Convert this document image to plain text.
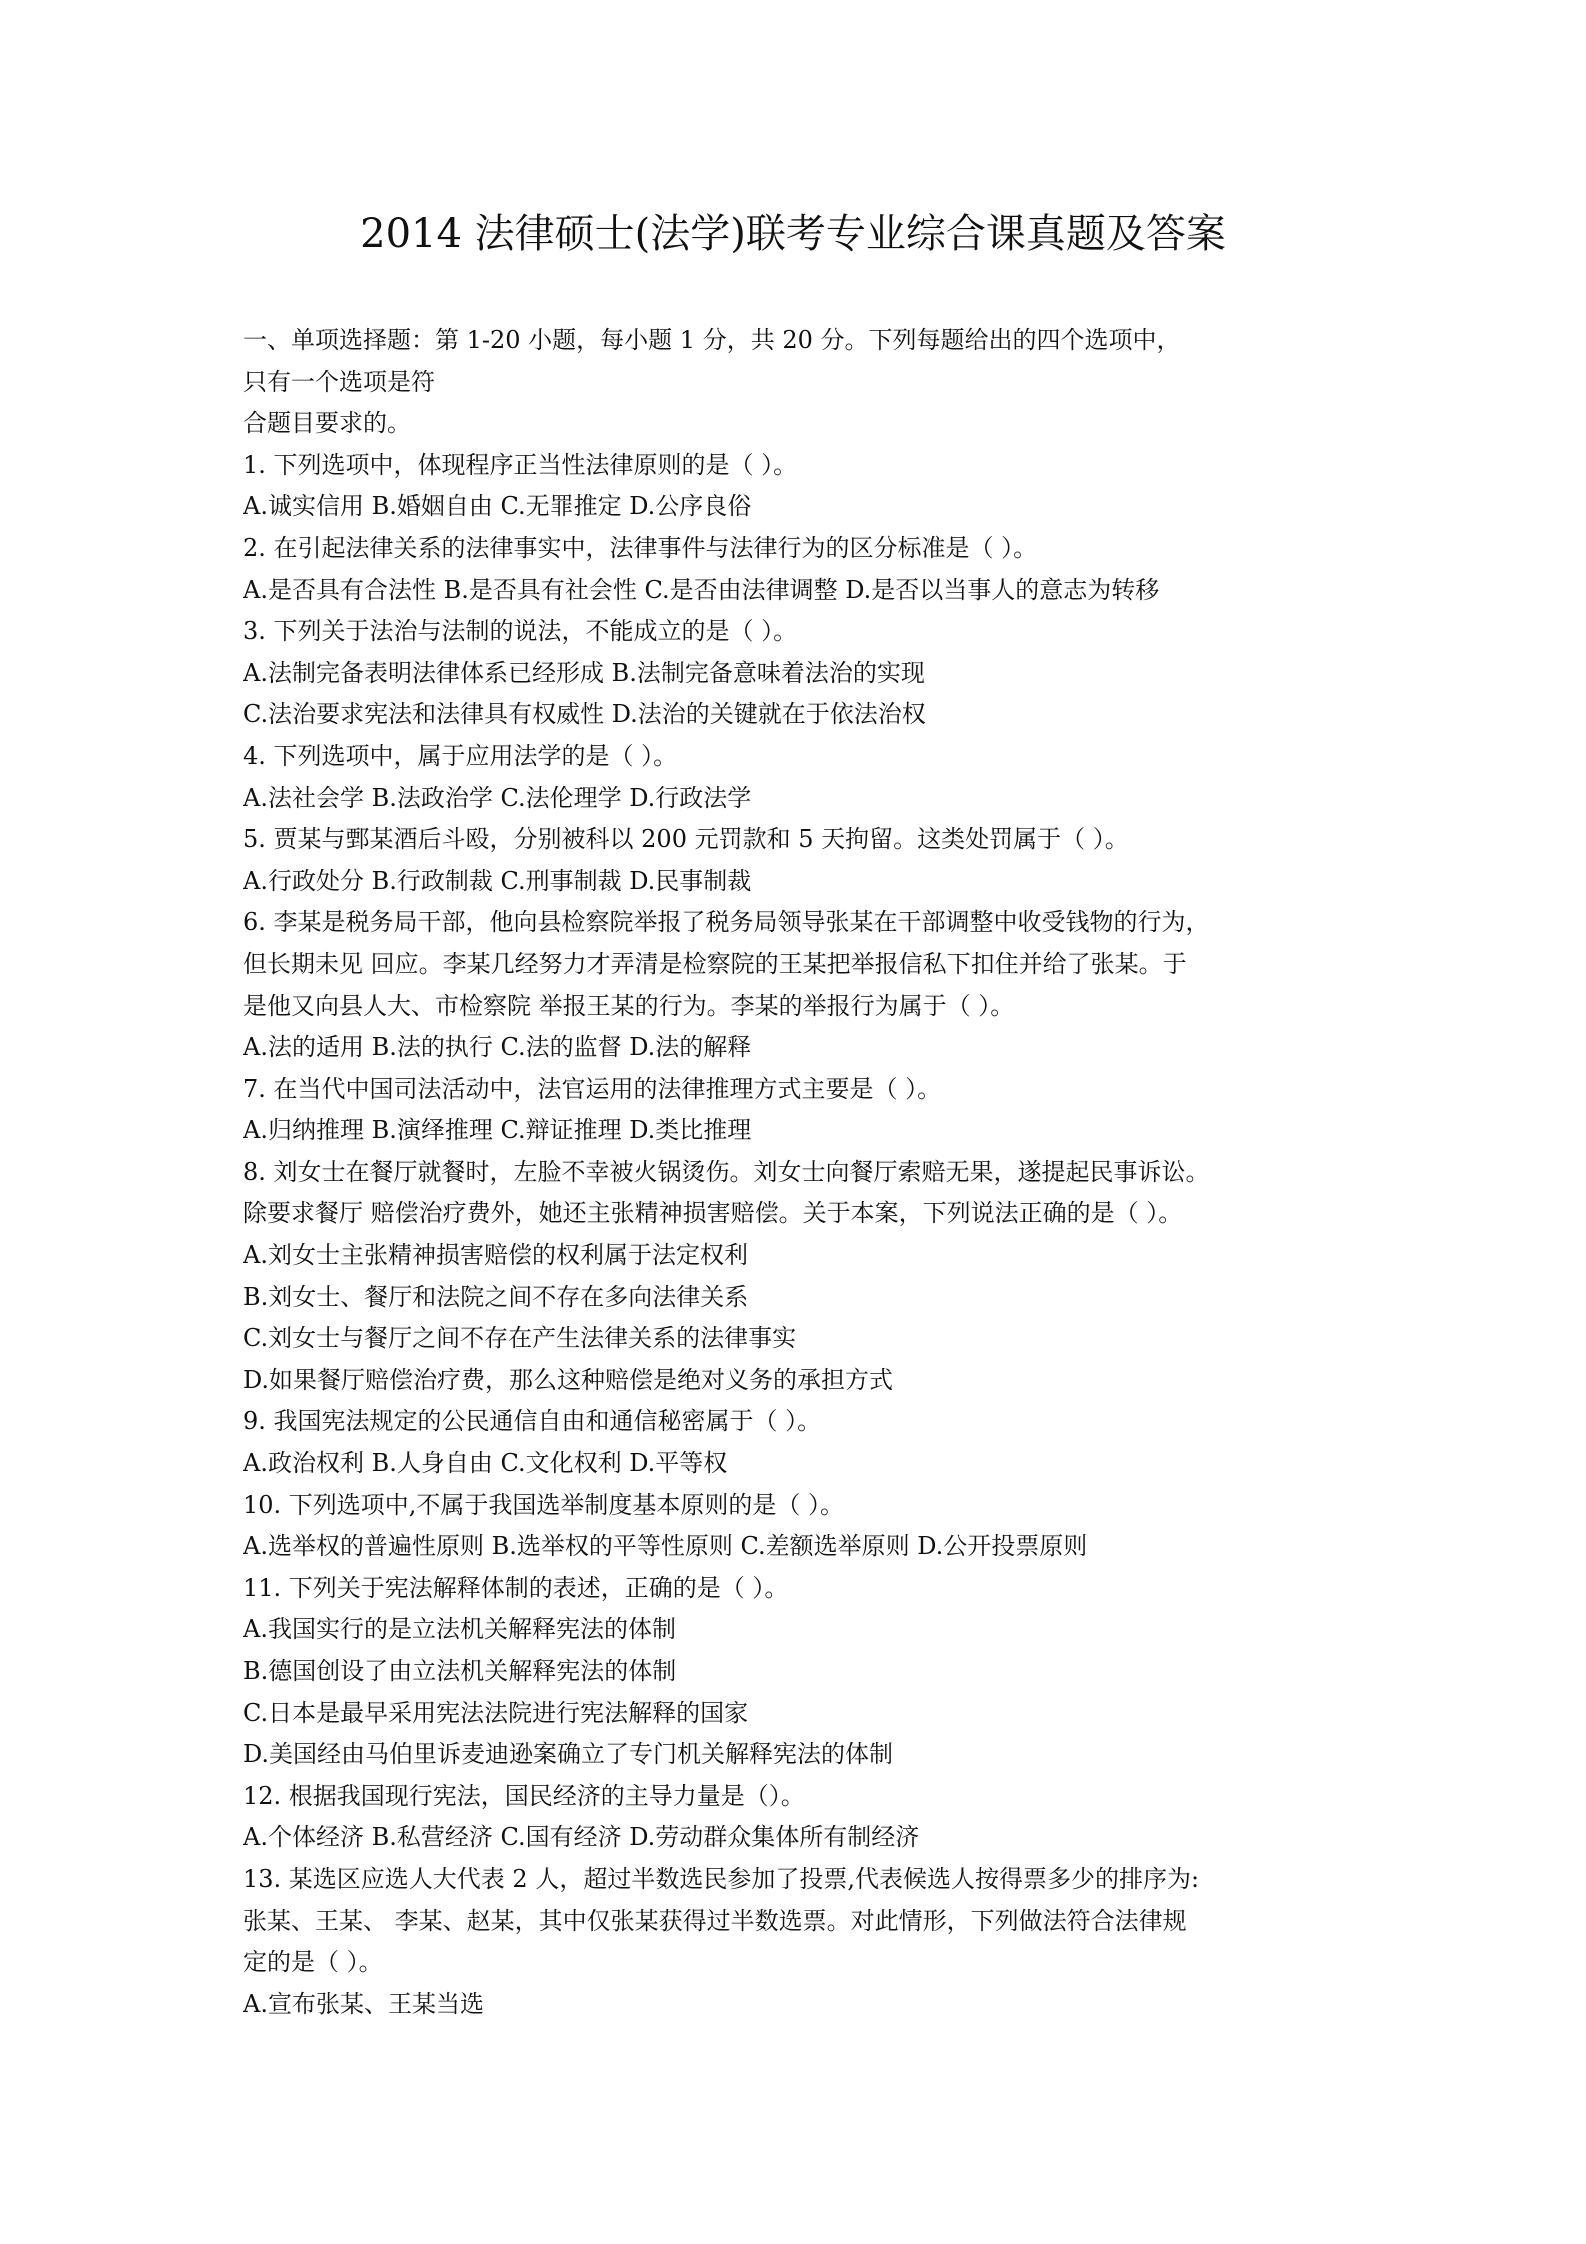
2014 法律硕士(法学)联考专业综合课真题及答案
一、单项选择题：第 1-20 小题，每小题 1 分，共 20 分。下列每题给出的四个选项中，
只有一个选项是符
合题目要求的。
1. 下列选项中，体现程序正当性法律原则的是（ ）。
A.诚实信用 B.婚姻自由 C.无罪推定 D.公序良俗
2. 在引起法律关系的法律事实中，法律事件与法律行为的区分标准是（ ）。
A.是否具有合法性 B.是否具有社会性 C.是否由法律调整 D.是否以当事人的意志为转移
3. 下列关于法治与法制的说法，不能成立的是（ ）。
A.法制完备表明法律体系已经形成 B.法制完备意味着法治的实现
C.法治要求宪法和法律具有权威性 D.法治的关键就在于依法治权
4. 下列选项中，属于应用法学的是（ ）。
A.法社会学 B.法政治学 C.法伦理学 D.行政法学
5. 贾某与鄄某酒后斗殴，分别被科以 200 元罚款和 5 天拘留。这类处罚属于（ ）。
A.行政处分 B.行政制裁 C.刑事制裁 D.民事制裁
6. 李某是税务局干部，他向县检察院举报了税务局领导张某在干部调整中收受钱物的行为，
但长期未见 回应。李某几经努力才弄清是检察院的王某把举报信私下扣住并给了张某。于
是他又向县人大、市检察院 举报王某的行为。李某的举报行为属于（ ）。
A.法的适用 B.法的执行 C.法的监督 D.法的解释
7. 在当代中国司法活动中，法官运用的法律推理方式主要是（ ）。
A.归纳推理 B.演绎推理 C.辩证推理 D.类比推理
8. 刘女士在餐厅就餐时，左脸不幸被火锅烫伤。刘女士向餐厅索赔无果，遂提起民事诉讼。
除要求餐厅 赔偿治疗费外，她还主张精神损害赔偿。关于本案，下列说法正确的是（ ）。
A.刘女士主张精神损害赔偿的权利属于法定权利
B.刘女士、餐厅和法院之间不存在多向法律关系
C.刘女士与餐厅之间不存在产生法律关系的法律事实
D.如果餐厅赔偿治疗费，那么这种赔偿是绝对义务的承担方式
9. 我国宪法规定的公民通信自由和通信秘密属于（ ）。
A.政治权利 B.人身自由 C.文化权利 D.平等权
10. 下列选项中,不属于我国选举制度基本原则的是（ ）。
A.选举权的普遍性原则 B.选举权的平等性原则 C.差额选举原则 D.公开投票原则
11. 下列关于宪法解释体制的表述，正确的是（ ）。
A.我国实行的是立法机关解释宪法的体制
B.德国创设了由立法机关解释宪法的体制
C.日本是最早采用宪法法院进行宪法解释的国家
D.美国经由马伯里诉麦迪逊案确立了专门机关解释宪法的体制
12. 根据我国现行宪法，国民经济的主导力量是（）。
A.个体经济 B.私营经济 C.国有经济 D.劳动群众集体所有制经济
13. 某选区应选人大代表 2 人，超过半数选民参加了投票,代表候选人按得票多少的排序为:
张某、王某、 李某、赵某，其中仅张某获得过半数选票。对此情形，下列做法符合法律规
定的是（ ）。
A.宣布张某、王某当选
